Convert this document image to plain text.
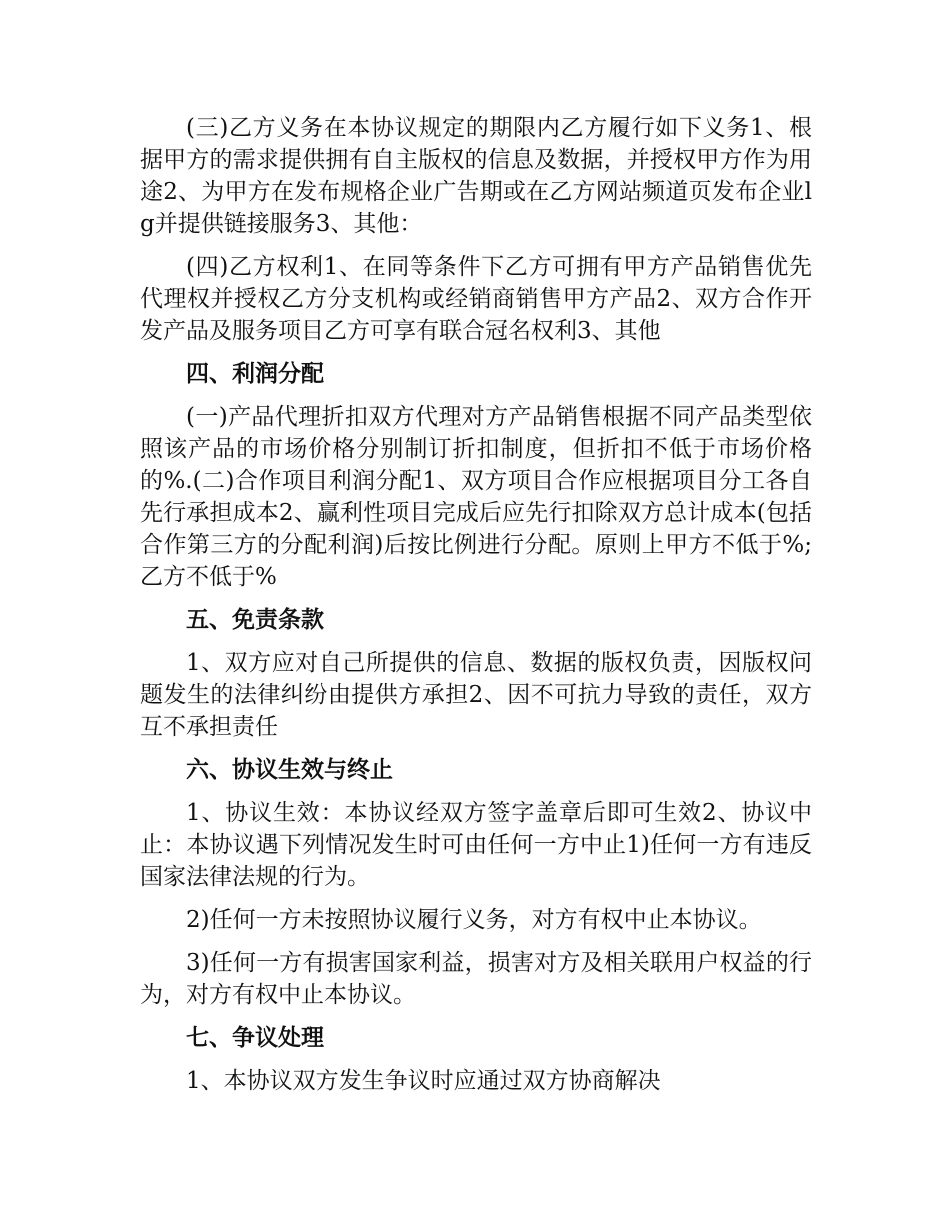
(三)乙方义务在本协议规定的期限内乙方履行如下义务1、根据甲方的需求提供拥有自主版权的信息及数据，并授权甲方作为用途2、为甲方在发布规格企业广告期或在乙方网站频道页发布企业lg并提供链接服务3、其他：

(四)乙方权利1、在同等条件下乙方可拥有甲方产品销售优先代理权并授权乙方分支机构或经销商销售甲方产品2、双方合作开发产品及服务项目乙方可享有联合冠名权利3、其他

四、利润分配

(一)产品代理折扣双方代理对方产品销售根据不同产品类型依照该产品的市场价格分别制订折扣制度，但折扣不低于市场价格的%.(二)合作项目利润分配1、双方项目合作应根据项目分工各自先行承担成本2、赢利性项目完成后应先行扣除双方总计成本(包括合作第三方的分配利润)后按比例进行分配。原则上甲方不低于%;乙方不低于%

五、免责条款

1、双方应对自己所提供的信息、数据的版权负责，因版权问题发生的法律纠纷由提供方承担2、因不可抗力导致的责任，双方互不承担责任

六、协议生效与终止

1、协议生效：本协议经双方签字盖章后即可生效2、协议中止：本协议遇下列情况发生时可由任何一方中止1)任何一方有违反国家法律法规的行为。

2)任何一方未按照协议履行义务，对方有权中止本协议。

3)任何一方有损害国家利益，损害对方及相关联用户权益的行为，对方有权中止本协议。

七、争议处理

1、本协议双方发生争议时应通过双方协商解决
